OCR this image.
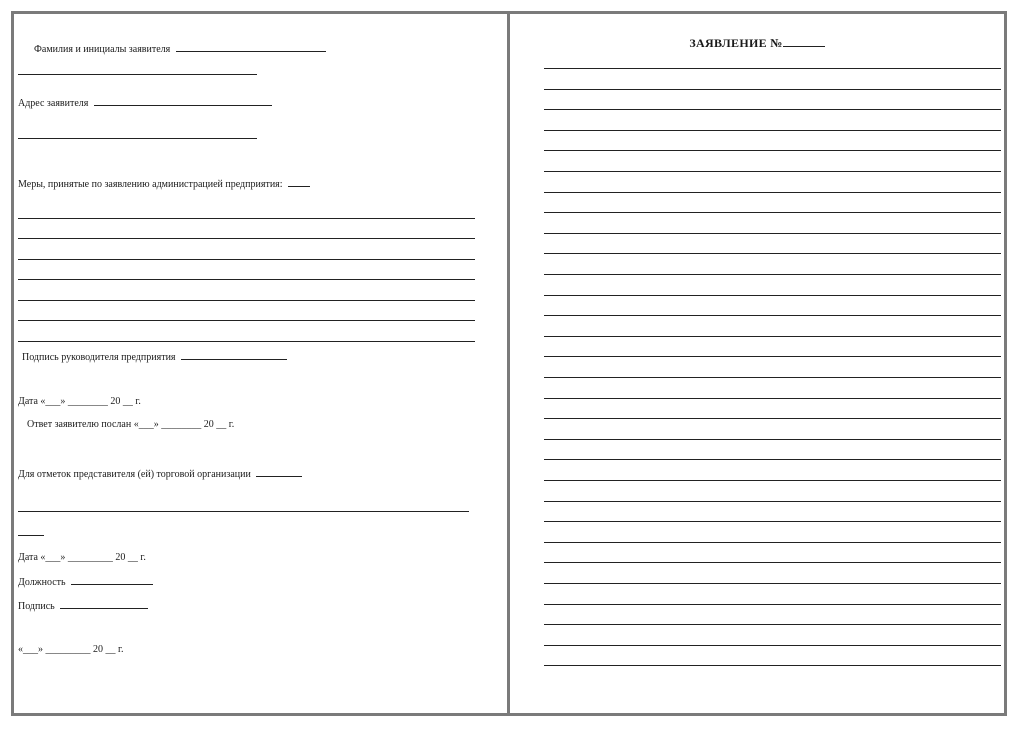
Фамилия и инициалы заявителя
Адрес заявителя
Меры, принятые по заявлению администрацией предприятия:
Подпись руководителя предприятия
Дата «___» ________ 20 __ г.
Ответ заявителю послан «___» ________ 20 __ г.
Для отметок представителя (ей) торговой организации
Дата «___» _________ 20 __ г.
Должность
Подпись
«___» _________ 20 __ г.
ЗАЯВЛЕНИЕ №
